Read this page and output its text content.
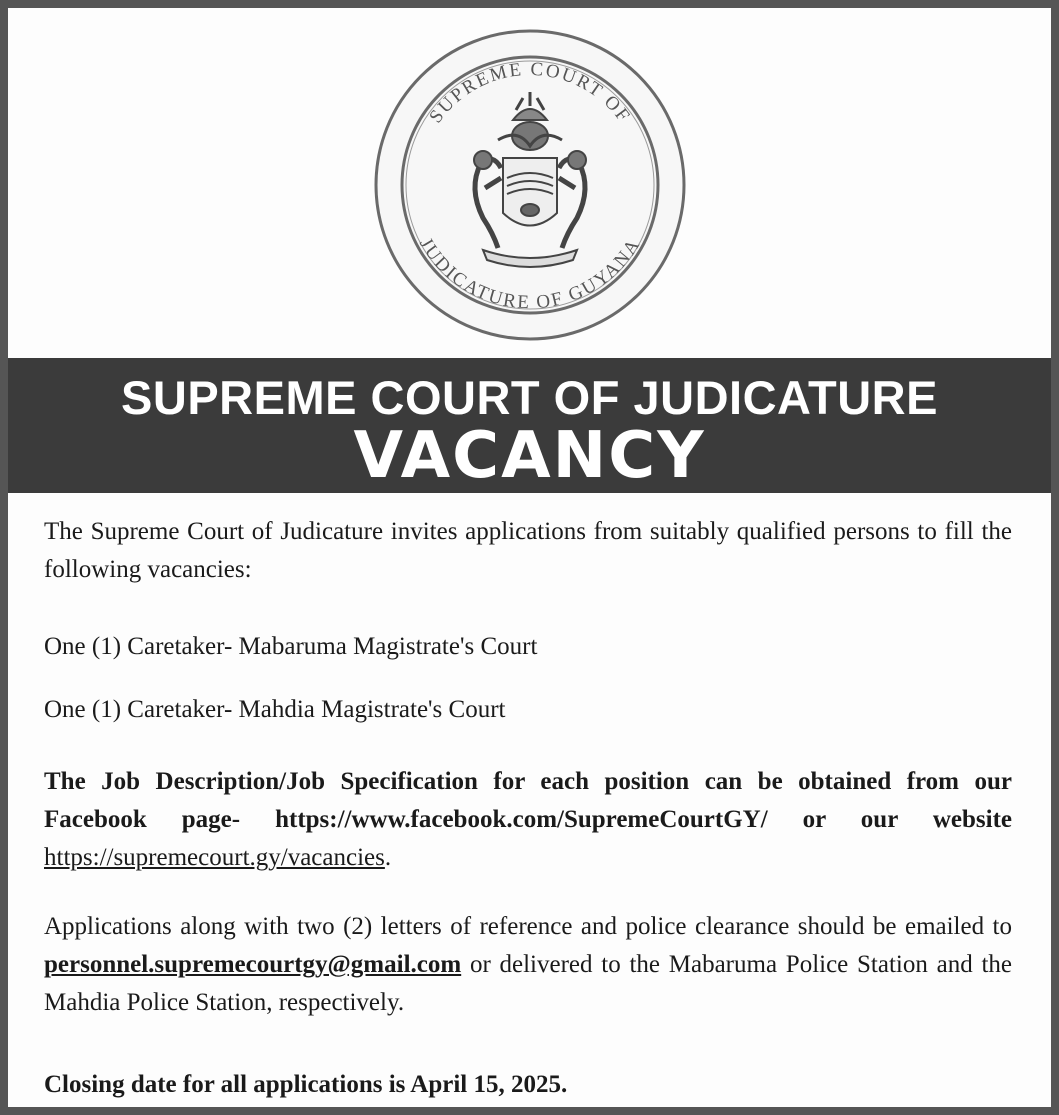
SUPREME COURT OF
JUDICATURE OF GUYANA
SUPREME COURT OF JUDICATURE
VACANCY

The Supreme Court of Judicature invites applications from suitably qualified persons to fill the following vacancies:

One (1) Caretaker- Mabaruma Magistrate's Court

One (1) Caretaker- Mahdia Magistrate's Court

The Job Description/Job Specification for each position can be obtained from our Facebook page- https://www.facebook.com/SupremeCourtGY/ or our website https://supremecourt.gy/vacancies.

Applications along with two (2) letters of reference and police clearance should be emailed to personnel.supremecourtgy@gmail.com or delivered to the Mabaruma Police Station and the Mahdia Police Station, respectively.

Closing date for all applications is April 15, 2025.
